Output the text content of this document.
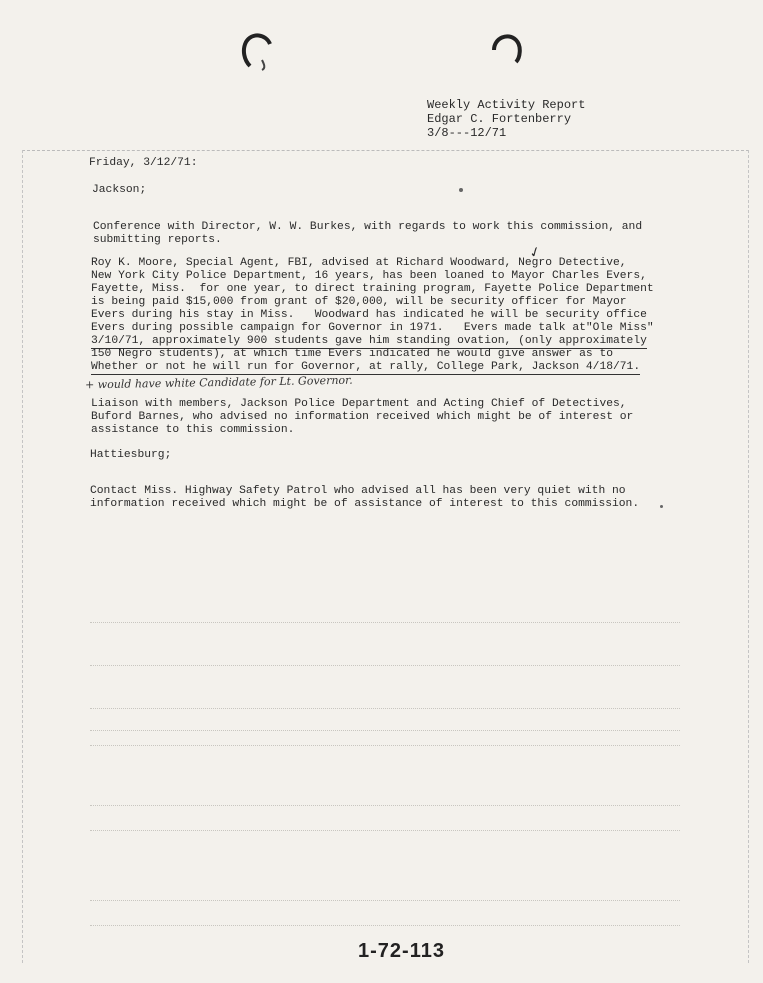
Weekly Activity Report
Edgar C. Fortenberry
3/8---12/71
Friday, 3/12/71:
Jackson;
Conference with Director, W. W. Burkes, with regards to work this commission, and
submitting reports.
✓
Roy K. Moore, Special Agent, FBI, advised at Richard Woodward, Negro Detective,
New York City Police Department, 16 years, has been loaned to Mayor Charles Evers,
Fayette, Miss.  for one year, to direct training program, Fayette Police Department
is being paid $15,000 from grant of $20,000, will be security officer for Mayor
Evers during his stay in Miss.   Woodward has indicated he will be security office
Evers during possible campaign for Governor in 1971.   Evers made talk at"Ole Miss"
3/10/71, approximately 900 students gave him standing ovation, (only approximately
150 Negro students), at which time Evers indicated he would give answer as to
Whether or not he will run for Governor, at rally, College Park, Jackson 4/18/71.
+ would have white Candidate for Lt. Governor.
Liaison with members, Jackson Police Department and Acting Chief of Detectives,
Buford Barnes, who advised no information received which might be of interest or
assistance to this commission.
Hattiesburg;
Contact Miss. Highway Safety Patrol who advised all has been very quiet with no
information received which might be of assistance of interest to this commission.
1-72-113
